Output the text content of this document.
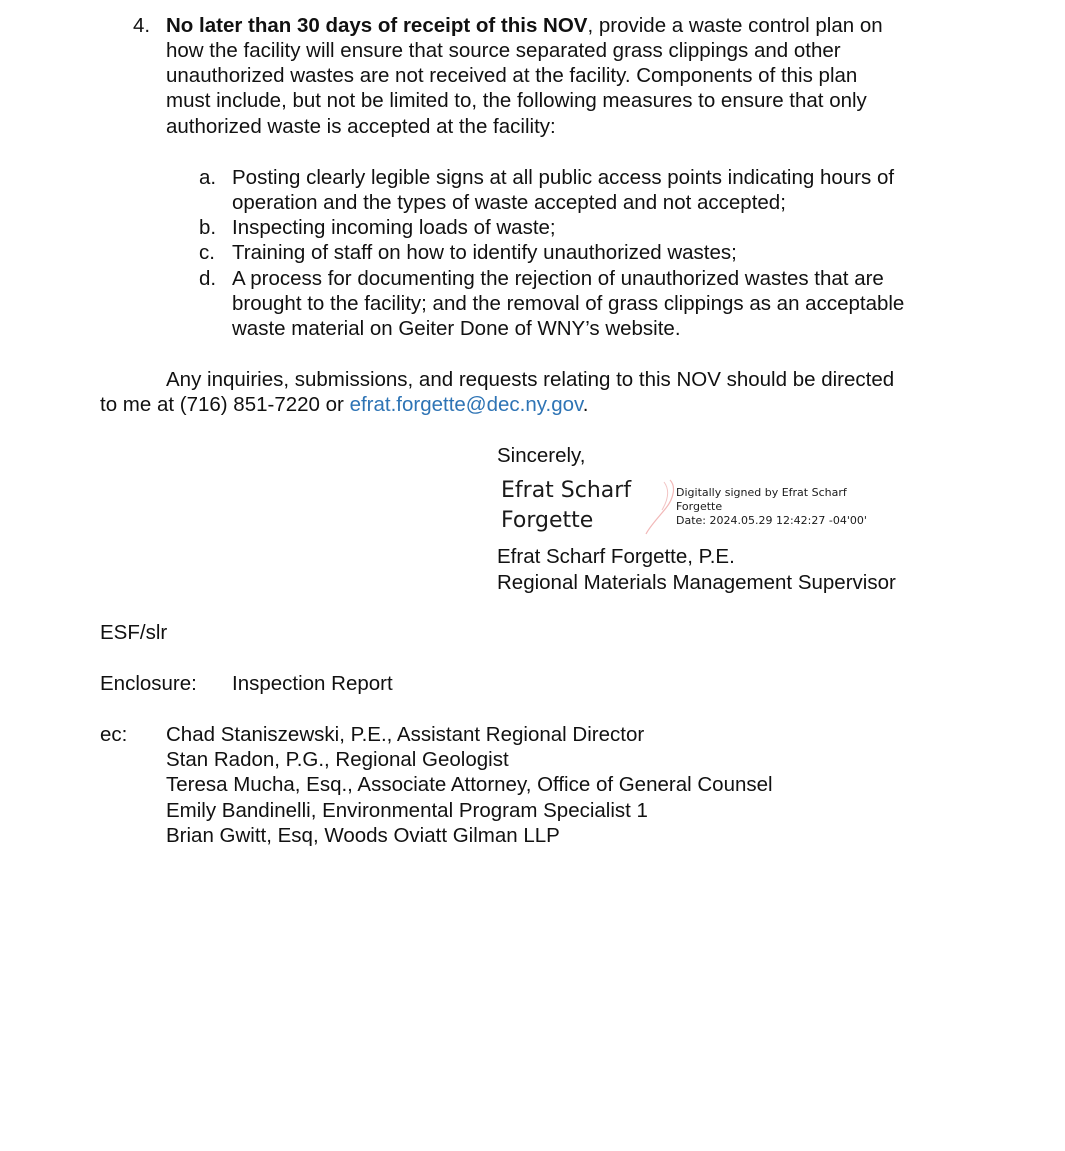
4. No later than 30 days of receipt of this NOV, provide a waste control plan on
how the facility will ensure that source separated grass clippings and other
unauthorized wastes are not received at the facility. Components of this plan
must include, but not be limited to, the following measures to ensure that only
authorized waste is accepted at the facility:
a. Posting clearly legible signs at all public access points indicating hours of
operation and the types of waste accepted and not accepted;
b. Inspecting incoming loads of waste;
c. Training of staff on how to identify unauthorized wastes;
d. A process for documenting the rejection of unauthorized wastes that are
brought to the facility; and the removal of grass clippings as an acceptable
waste material on Geiter Done of WNY’s website.
Any inquiries, submissions, and requests relating to this NOV should be directed
to me at (716) 851-7220 or efrat.forgette@dec.ny.gov.
Sincerely,
Efrat Scharf
Forgette
Digitally signed by Efrat Scharf
Forgette
Date: 2024.05.29 12:42:27 -04'00'
Efrat Scharf Forgette, P.E.
Regional Materials Management Supervisor
ESF/slr
Enclosure: Inspection Report
ec: Chad Staniszewski, P.E., Assistant Regional Director
Stan Radon, P.G., Regional Geologist
Teresa Mucha, Esq., Associate Attorney, Office of General Counsel
Emily Bandinelli, Environmental Program Specialist 1
Brian Gwitt, Esq, Woods Oviatt Gilman LLP
